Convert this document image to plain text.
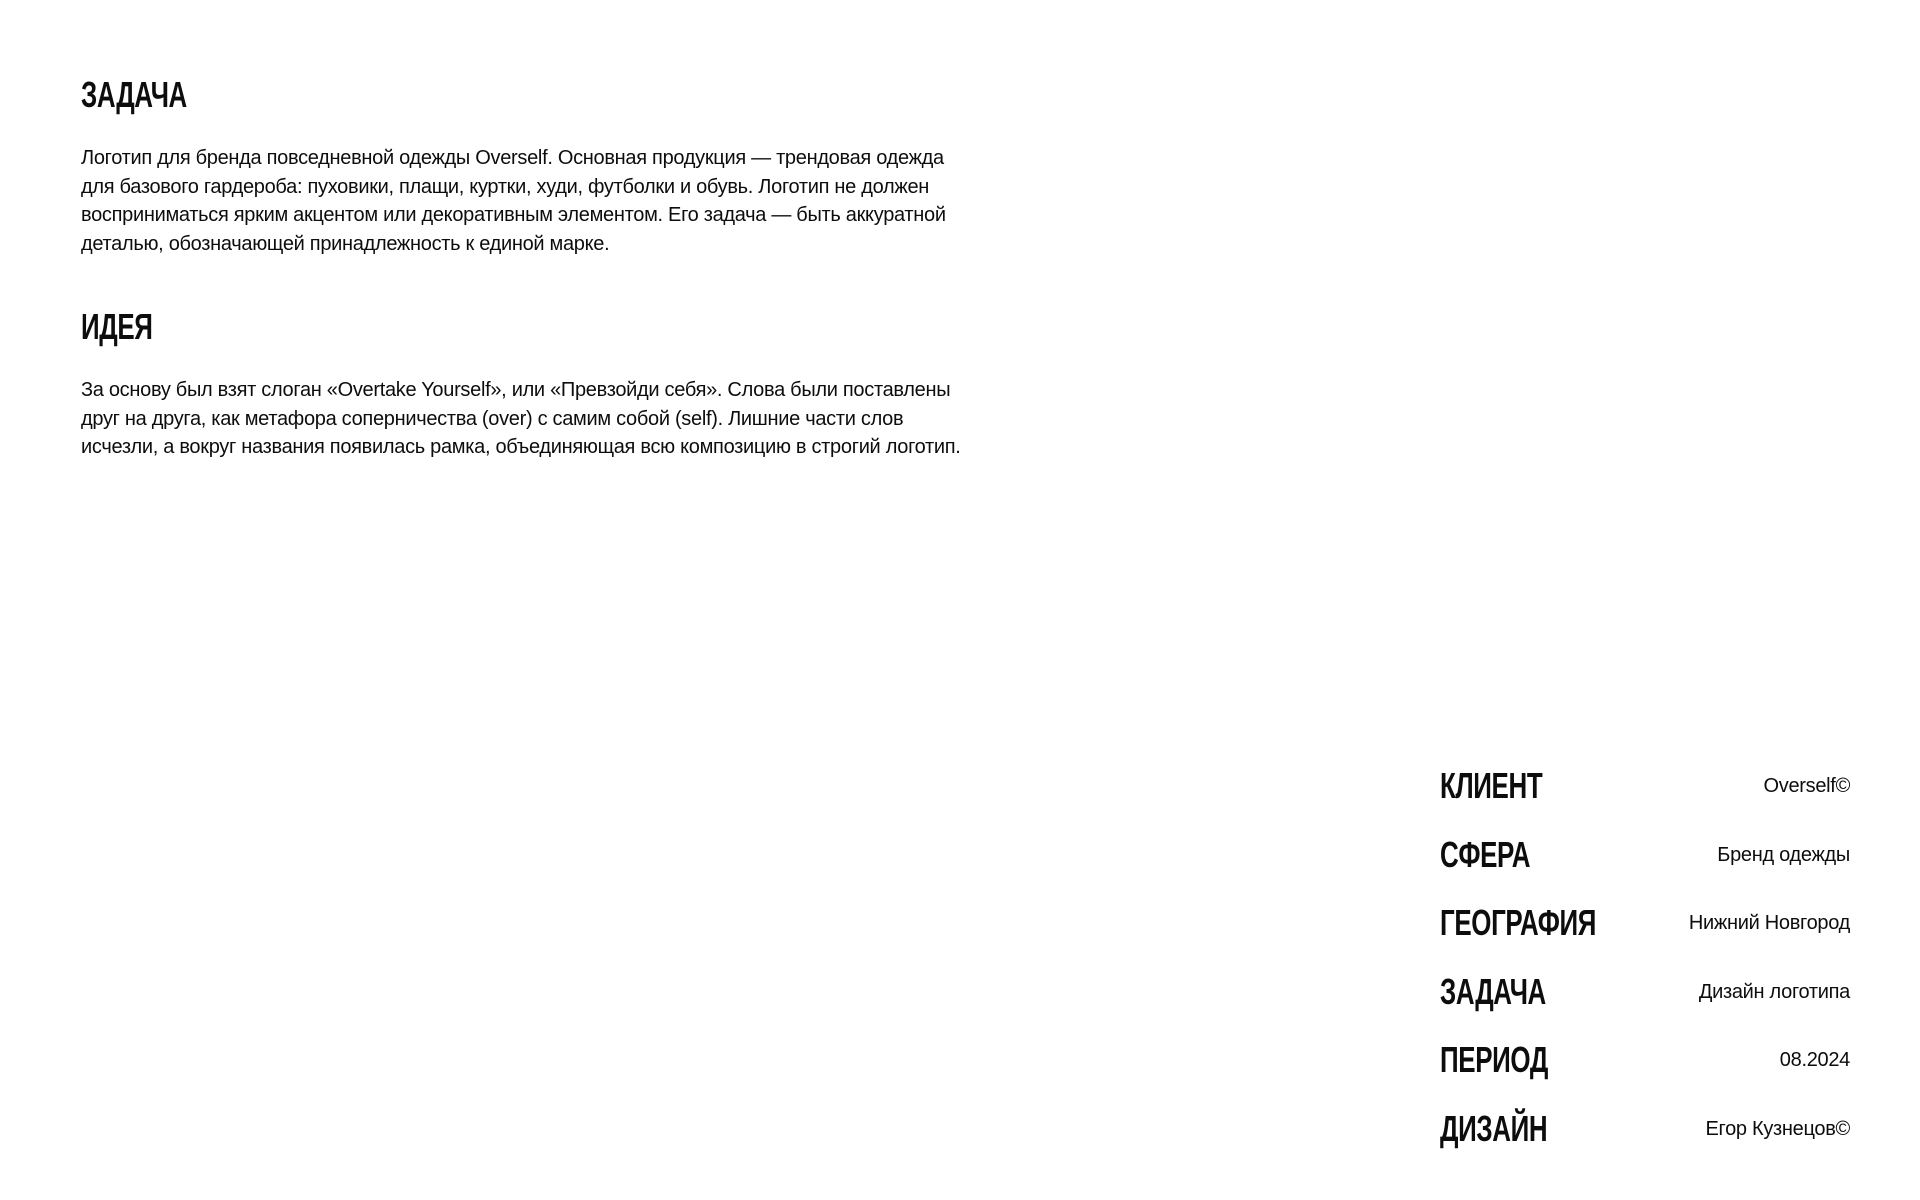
ЗАДАЧА

Логотип для бренда повседневной одежды Overself. Основная продукция — трендовая одежда для базового гардероба: пуховики, плащи, куртки, худи, футболки и обувь. Логотип не должен восприниматься ярким акцентом или декоративным элементом. Его задача — быть аккуратной деталью, обозначающей принадлежность к единой марке.

ИДЕЯ

За основу был взят слоган «Overtake Yourself», или «Превзойди себя». Слова были поставлены друг на друга, как метафора соперничества (over) с самим собой (self). Лишние части слов исчезли, а вокруг названия появилась рамка, объединяющая всю композицию в строгий логотип.

КЛИЕНТ	Overself©
СФЕРА	Бренд одежды
ГЕОГРАФИЯ	Нижний Новгород
ЗАДАЧА	Дизайн логотипа
ПЕРИОД	08.2024
ДИЗАЙН	Егор Кузнецов©
